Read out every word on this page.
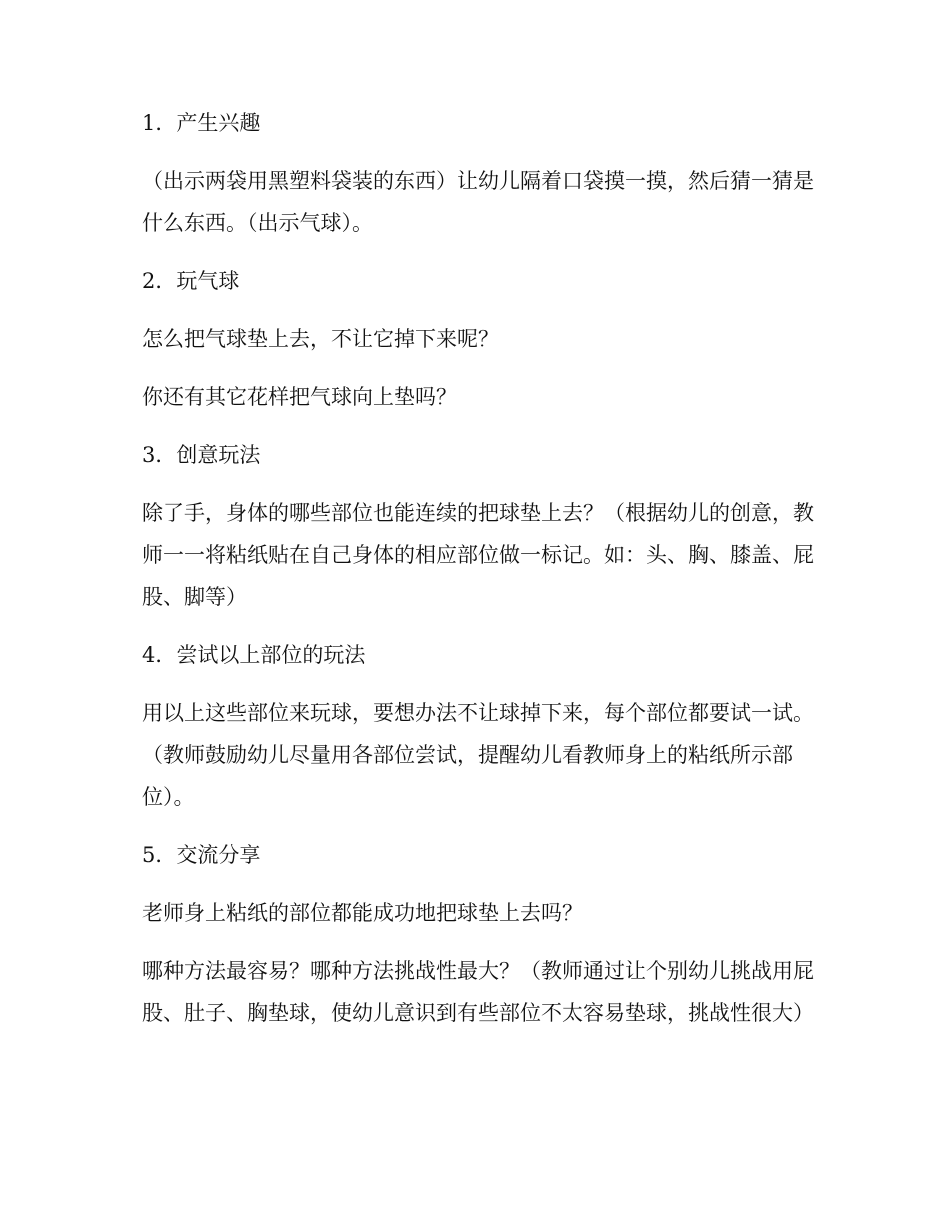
1．产生兴趣
（出示两袋用黑塑料袋装的东西）让幼儿隔着口袋摸一摸，然后猜一猜是什么东西。（出示气球）。
2．玩气球
怎么把气球垫上去，不让它掉下来呢？
你还有其它花样把气球向上垫吗？
3．创意玩法
除了手，身体的哪些部位也能连续的把球垫上去？（根据幼儿的创意，教师一一将粘纸贴在自己身体的相应部位做一标记。如：头、胸、膝盖、屁股、脚等）
4．尝试以上部位的玩法
用以上这些部位来玩球，要想办法不让球掉下来，每个部位都要试一试。（教师鼓励幼儿尽量用各部位尝试，提醒幼儿看教师身上的粘纸所示部位）。
5．交流分享
老师身上粘纸的部位都能成功地把球垫上去吗？
哪种方法最容易？哪种方法挑战性最大？（教师通过让个别幼儿挑战用屁股、肚子、胸垫球，使幼儿意识到有些部位不太容易垫球，挑战性很大）
